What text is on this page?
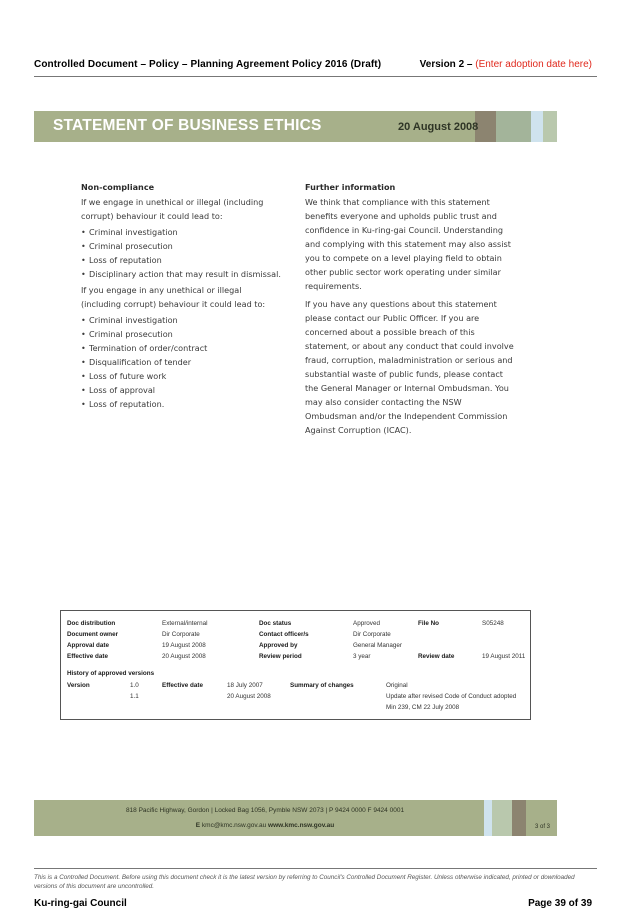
Controlled Document – Policy – Planning Agreement Policy 2016 (Draft)	Version 2 – (Enter adoption date here)
STATEMENT OF BUSINESS ETHICS	20 August 2008
Non-compliance

If we engage in unethical or illegal (including corrupt) behaviour it could lead to:

• Criminal investigation
• Criminal prosecution
• Loss of reputation
• Disciplinary action that may result in dismissal.

If you engage in any unethical or illegal (including corrupt) behaviour it could lead to:

• Criminal investigation
• Criminal prosecution
• Termination of order/contract
• Disqualification of tender
• Loss of future work
• Loss of approval
• Loss of reputation.
Further information

We think that compliance with this statement benefits everyone and upholds public trust and confidence in Ku-ring-gai Council. Understanding and complying with this statement may also assist you to compete on a level playing field to obtain other public sector work operating under similar requirements.

If you have any questions about this statement please contact our Public Officer. If you are concerned about a possible breach of this statement, or about any conduct that could involve fraud, corruption, maladministration or serious and substantial waste of public funds, please contact the General Manager or Internal Ombudsman. You may also consider contacting the NSW Ombudsman and/or the Independent Commission Against Corruption (ICAC).

Doc distribution	External/internal	Doc status	Approved	File No	S05248
Document owner	Dir Corporate	Contact officer/s	Dir Corporate
Approval date	19 August 2008	Approved by	General Manager
Effective date	20 August 2008	Review period	3 year	Review date	19 August 2011
History of approved versions
Version	1.0	Effective date	18 July 2007	Summary of changes	Original
1.1	20 August 2008	Update after revised Code of Conduct adopted
Min 239, CM 22 July 2008
818 Pacific Highway, Gordon | Locked Bag 1056, Pymble NSW 2073 | P 9424 0000 F 9424 0001
E kmc@kmc.nsw.gov.au www.kmc.nsw.gov.au	3 of 3
This is a Controlled Document. Before using this document check it is the latest version by referring to Council's Controlled Document Register. Unless otherwise indicated, printed or downloaded versions of this document are uncontrolled.
Ku-ring-gai Council	Page 39 of 39
